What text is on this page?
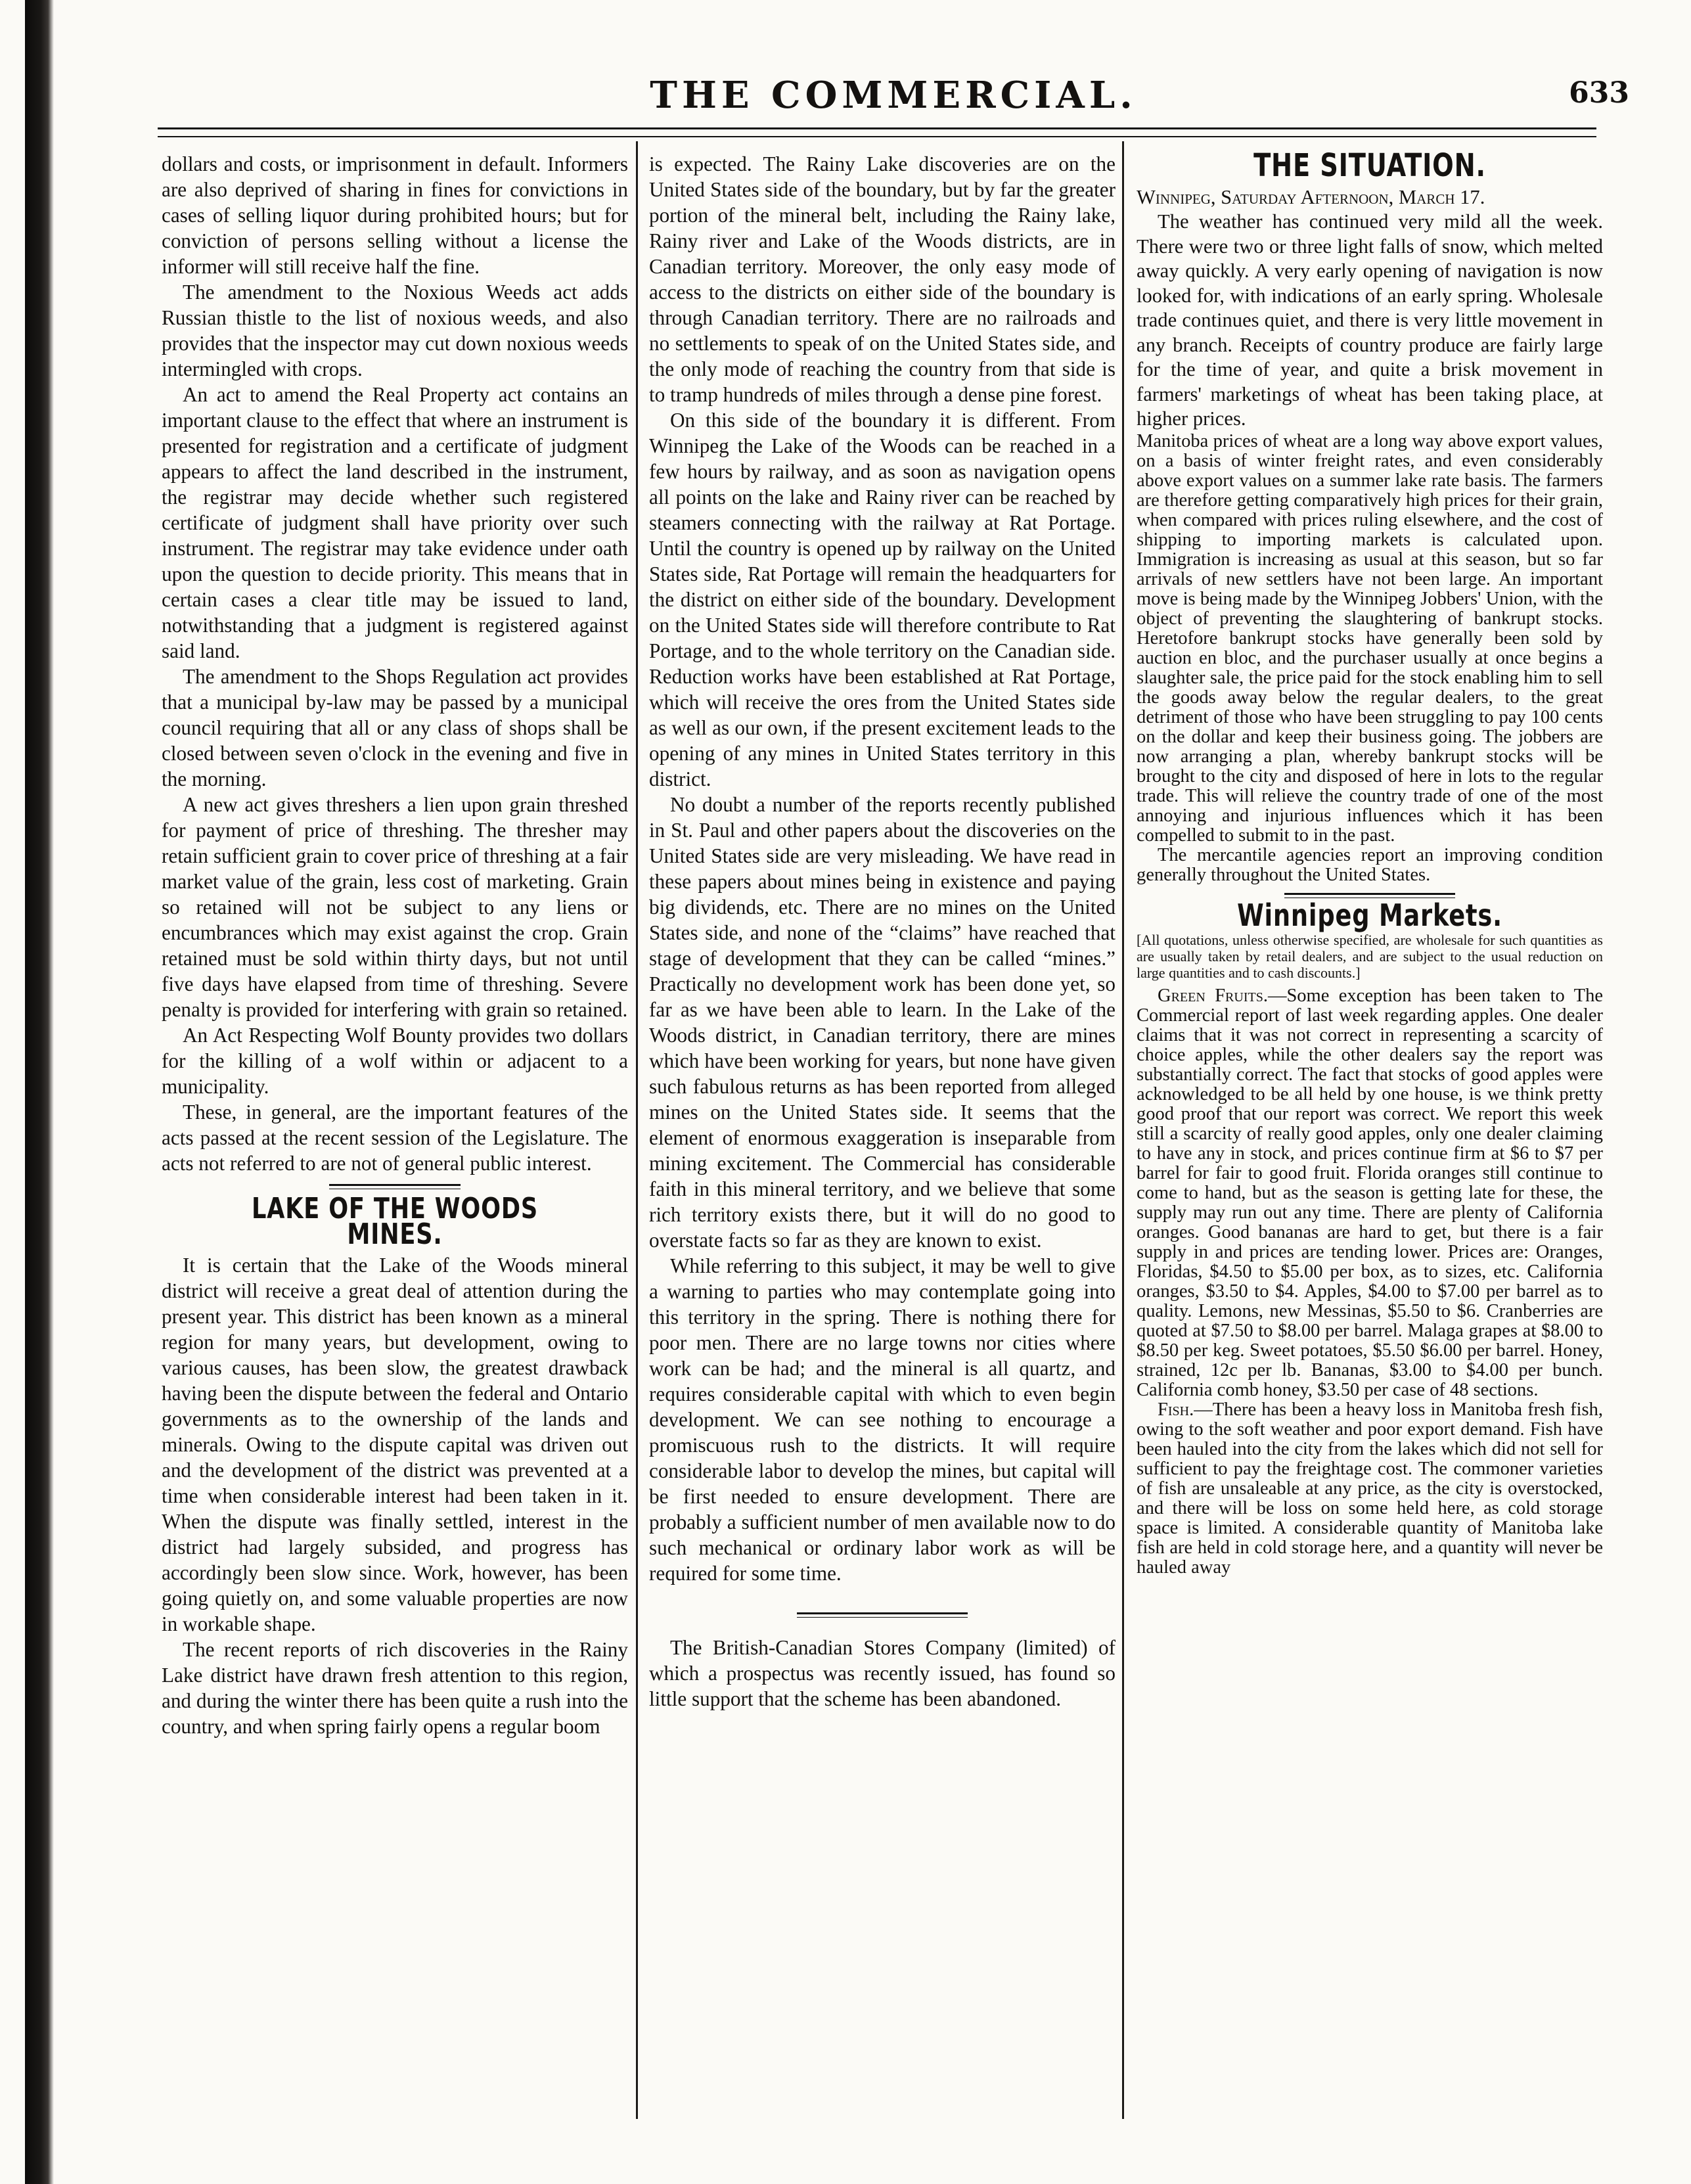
THE COMMERCIAL.	633

dollars and costs, or imprisonment in default. Informers are also deprived of sharing in fines for convictions in cases of selling liquor during prohibited hours; but for conviction of persons selling without a license the informer will still receive half the fine.

The amendment to the Noxious Weeds act adds Russian thistle to the list of noxious weeds, and also provides that the inspector may cut down noxious weeds intermingled with crops.

An act to amend the Real Property act contains an important clause to the effect that where an instrument is presented for registration and a certificate of judgment appears to affect the land described in the instrument, the registrar may decide whether such registered certificate of judgment shall have priority over such instrument. The registrar may take evidence under oath upon the question to decide priority. This means that in certain cases a clear title may be issued to land, notwithstanding that a judgment is registered against said land.

The amendment to the Shops Regulation act provides that a municipal by-law may be passed by a municipal council requiring that all or any class of shops shall be closed between seven o'clock in the evening and five in the morning.

A new act gives threshers a lien upon grain threshed for payment of price of threshing. The thresher may retain sufficient grain to cover price of threshing at a fair market value of the grain, less cost of marketing. Grain so retained will not be subject to any liens or encumbrances which may exist against the crop. Grain retained must be sold within thirty days, but not until five days have elapsed from time of threshing. Severe penalty is provided for interfering with grain so retained.

An Act Respecting Wolf Bounty provides two dollars for the killing of a wolf within or adjacent to a municipality.

These, in general, are the important features of the acts passed at the recent session of the Legislature. The acts not referred to are not of general public interest.

LAKE OF THE WOODS MINES.

It is certain that the Lake of the Woods mineral district will receive a great deal of attention during the present year. This district has been known as a mineral region for many years, but development, owing to various causes, has been slow, the greatest drawback having been the dispute between the federal and Ontario governments as to the ownership of the lands and minerals. Owing to the dispute capital was driven out and the development of the district was prevented at a time when considerable interest had been taken in it. When the dispute was finally settled, interest in the district had largely subsided, and progress has accordingly been slow since. Work, however, has been going quietly on, and some valuable properties are now in workable shape.

The recent reports of rich discoveries in the Rainy Lake district have drawn fresh attention to this region, and during the winter there has been quite a rush into the country, and when spring fairly opens a regular boom

is expected. The Rainy Lake discoveries are on the United States side of the boundary, but by far the greater portion of the mineral belt, including the Rainy lake, Rainy river and Lake of the Woods districts, are in Canadian territory. Moreover, the only easy mode of access to the districts on either side of the boundary is through Canadian territory. There are no railroads and no settlements to speak of on the United States side, and the only mode of reaching the country from that side is to tramp hundreds of miles through a dense pine forest.

On this side of the boundary it is different. From Winnipeg the Lake of the Woods can be reached in a few hours by railway, and as soon as navigation opens all points on the lake and Rainy river can be reached by steamers connecting with the railway at Rat Portage. Until the country is opened up by railway on the United States side, Rat Portage will remain the headquarters for the district on either side of the boundary. Development on the United States side will therefore contribute to Rat Portage, and to the whole territory on the Canadian side. Reduction works have been established at Rat Portage, which will receive the ores from the United States side as well as our own, if the present excitement leads to the opening of any mines in United States territory in this district.

No doubt a number of the reports recently published in St. Paul and other papers about the discoveries on the United States side are very misleading. We have read in these papers about mines being in existence and paying big dividends, etc. There are no mines on the United States side, and none of the “claims” have reached that stage of development that they can be called “mines.” Practically no development work has been done yet, so far as we have been able to learn. In the Lake of the Woods district, in Canadian territory, there are mines which have been working for years, but none have given such fabulous returns as has been reported from alleged mines on the United States side. It seems that the element of enormous exaggeration is inseparable from mining excitement. The Commercial has considerable faith in this mineral territory, and we believe that some rich territory exists there, but it will do no good to overstate facts so far as they are known to exist.

While referring to this subject, it may be well to give a warning to parties who may contemplate going into this territory in the spring. There is nothing there for poor men. There are no large towns nor cities where work can be had; and the mineral is all quartz, and requires considerable capital with which to even begin development. We can see nothing to encourage a promiscuous rush to the districts. It will require considerable labor to develop the mines, but capital will be first needed to ensure development. There are probably a sufficient number of men available now to do such mechanical or ordinary labor work as will be required for some time.

The British-Canadian Stores Company (limited) of which a prospectus was recently issued, has found so little support that the scheme has been abandoned.

THE SITUATION.

Winnipeg, Saturday Afternoon, March 17.

The weather has continued very mild all the week. There were two or three light falls of snow, which melted away quickly. A very early opening of navigation is now looked for, with indications of an early spring. Wholesale trade continues quiet, and there is very little movement in any branch. Receipts of country produce are fairly large for the time of year, and quite a brisk movement in farmers' marketings of wheat has been taking place, at higher prices.

Manitoba prices of wheat are a long way above export values, on a basis of winter freight rates, and even considerably above export values on a summer lake rate basis. The farmers are therefore getting comparatively high prices for their grain, when compared with prices ruling elsewhere, and the cost of shipping to importing markets is calculated upon. Immigration is increasing as usual at this season, but so far arrivals of new settlers have not been large. An important move is being made by the Winnipeg Jobbers' Union, with the object of preventing the slaughtering of bankrupt stocks. Heretofore bankrupt stocks have generally been sold by auction en bloc, and the purchaser usually at once begins a slaughter sale, the price paid for the stock enabling him to sell the goods away below the regular dealers, to the great detriment of those who have been struggling to pay 100 cents on the dollar and keep their business going. The jobbers are now arranging a plan, whereby bankrupt stocks will be brought to the city and disposed of here in lots to the regular trade. This will relieve the country trade of one of the most annoying and injurious influences which it has been compelled to submit to in the past.

The mercantile agencies report an improving condition generally throughout the United States.

Winnipeg Markets.

[All quotations, unless otherwise specified, are wholesale for such quantities as are usually taken by retail dealers, and are subject to the usual reduction on large quantities and to cash discounts.]

Green Fruits.—Some exception has been taken to The Commercial report of last week regarding apples. One dealer claims that it was not correct in representing a scarcity of choice apples, while the other dealers say the report was substantially correct. The fact that stocks of good apples were acknowledged to be all held by one house, is we think pretty good proof that our report was correct. We report this week still a scarcity of really good apples, only one dealer claiming to have any in stock, and prices continue firm at $6 to $7 per barrel for fair to good fruit. Florida oranges still continue to come to hand, but as the season is getting late for these, the supply may run out any time. There are plenty of California oranges. Good bananas are hard to get, but there is a fair supply in and prices are tending lower. Prices are: Oranges, Floridas, $4.50 to $5.00 per box, as to sizes, etc. California oranges, $3.50 to $4. Apples, $4.00 to $7.00 per barrel as to quality. Lemons, new Messinas, $5.50 to $6. Cranberries are quoted at $7.50 to $8.00 per barrel. Malaga grapes at $8.00 to $8.50 per keg. Sweet potatoes, $5.50 $6.00 per barrel. Honey, strained, 12c per lb. Bananas, $3.00 to $4.00 per bunch. California comb honey, $3.50 per case of 48 sections.

Fish.—There has been a heavy loss in Manitoba fresh fish, owing to the soft weather and poor export demand. Fish have been hauled into the city from the lakes which did not sell for sufficient to pay the freightage cost. The commoner varieties of fish are unsaleable at any price, as the city is overstocked, and there will be loss on some held here, as cold storage space is limited. A considerable quantity of Manitoba lake fish are held in cold storage here, and a quantity will never be hauled away
